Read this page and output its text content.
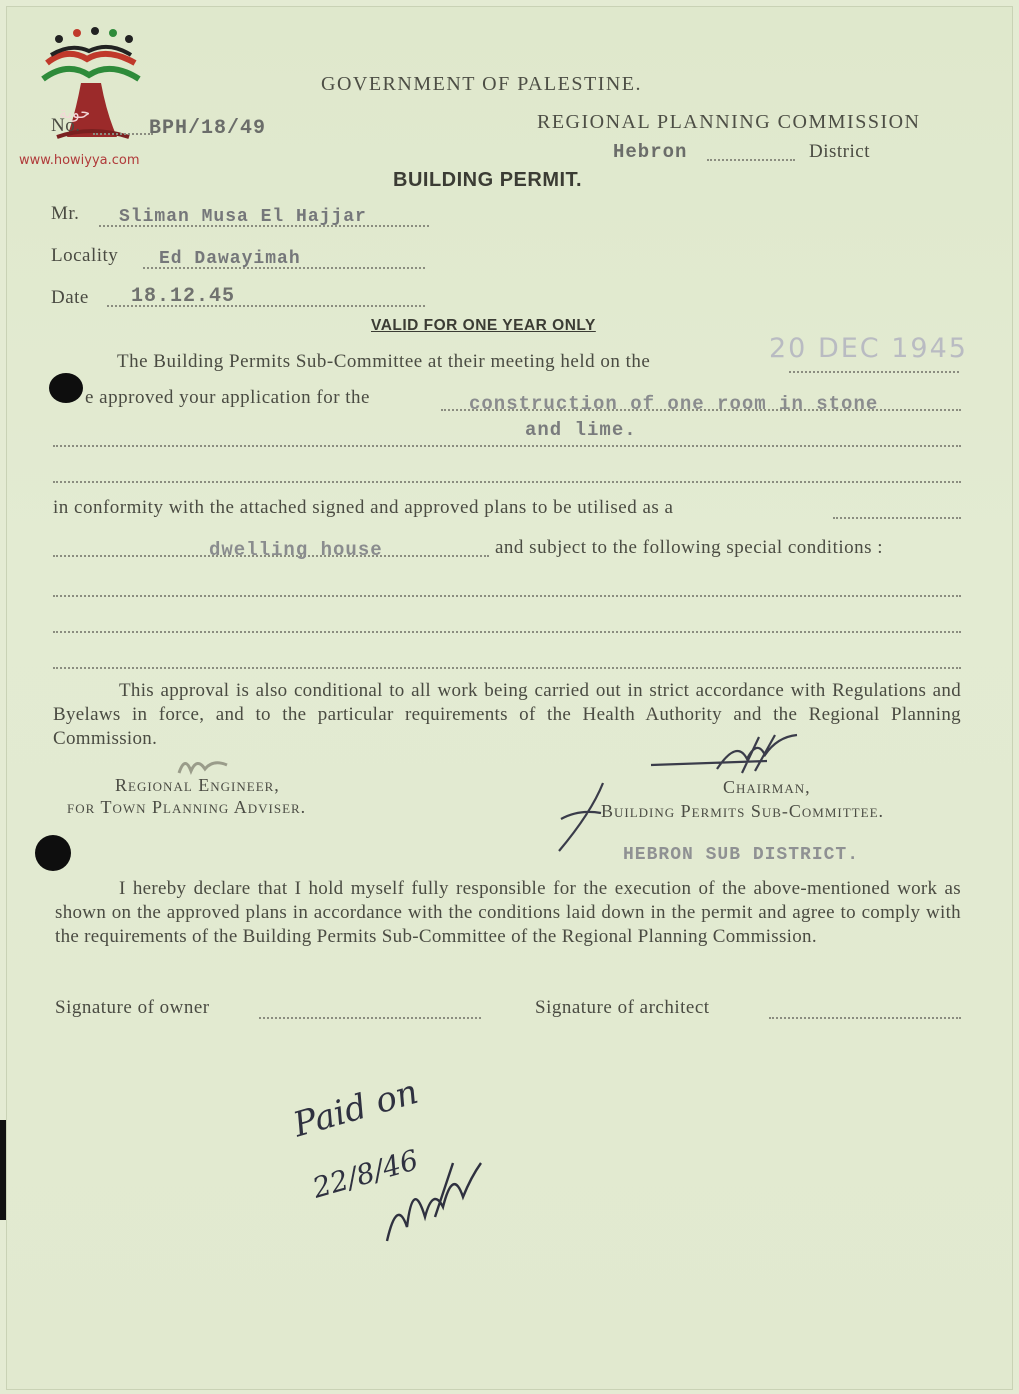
حوية
www.howiyya.com
GOVERNMENT OF PALESTINE.
No.	BPH/18/49	REGIONAL PLANNING COMMISSION
Hebron	District
BUILDING PERMIT.
Mr. Sliman Musa El Hajjar
Locality Ed Dawayimah
Date 18.12.45
VALID FOR ONE YEAR ONLY
The Building Permits Sub-Committee at their meeting held on the	20 DEC 1945
e approved your application for the	construction of one room in stone
and lime.
in conformity with the attached signed and approved plans to be utilised as a
dwelling house	and subject to the following special conditions :
This approval is also conditional to all work being carried out in strict accordance with Regulations and Byelaws in force, and to the particular requirements of the Health Authority and the Regional Planning Commission.
Regional Engineer,
for Town Planning Adviser.
Chairman,
Building Permits Sub-Committee.
HEBRON SUB DISTRICT.
I hereby declare that I hold myself fully responsible for the execution of the above-mentioned work as shown on the approved plans in accordance with the conditions laid down in the permit and agree to comply with the requirements of the Building Permits Sub-Committee of the Regional Planning Commission.
Signature of owner	Signature of architect
Paid on
22/8/46
